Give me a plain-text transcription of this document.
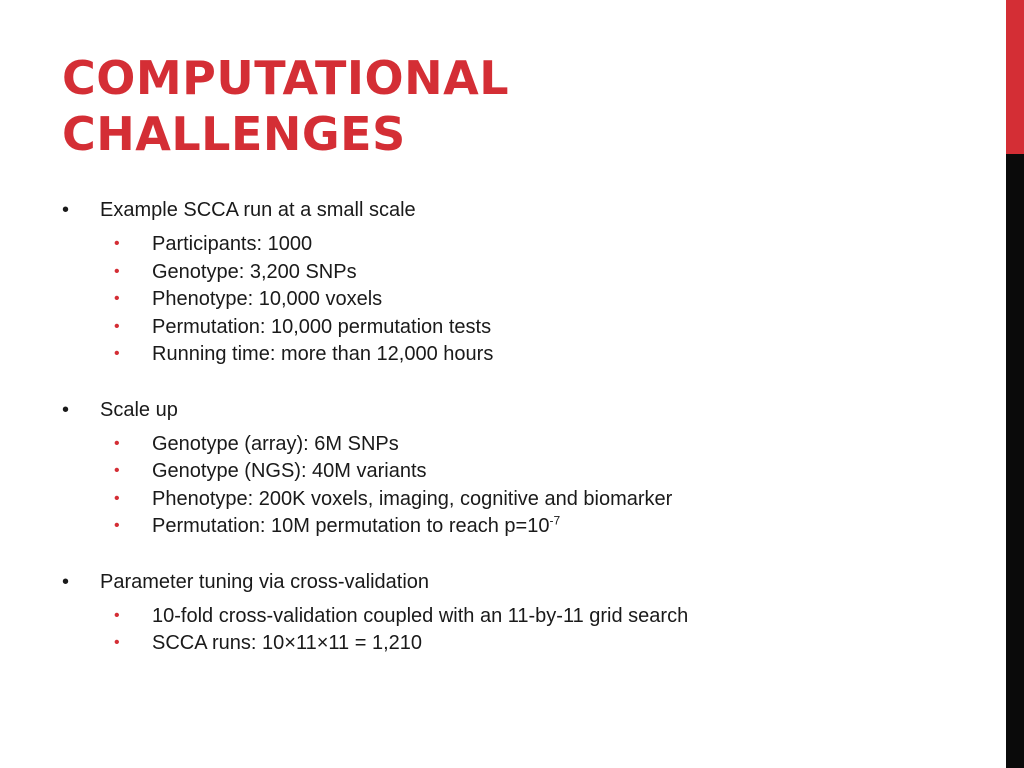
COMPUTATIONAL
CHALLENGES
• Example SCCA run at a small scale
• Participants: 1000
• Genotype: 3,200 SNPs
• Phenotype: 10,000 voxels
• Permutation: 10,000 permutation tests
• Running time: more than 12,000 hours
• Scale up
• Genotype (array): 6M SNPs
• Genotype (NGS): 40M variants
• Phenotype: 200K voxels, imaging, cognitive and biomarker
• Permutation: 10M permutation to reach $p=10^{-7}$
• Parameter tuning via cross-validation
• 10-fold cross-validation coupled with an 11-by-11 grid search
• SCCA runs: 10×11×11 = 1,210
